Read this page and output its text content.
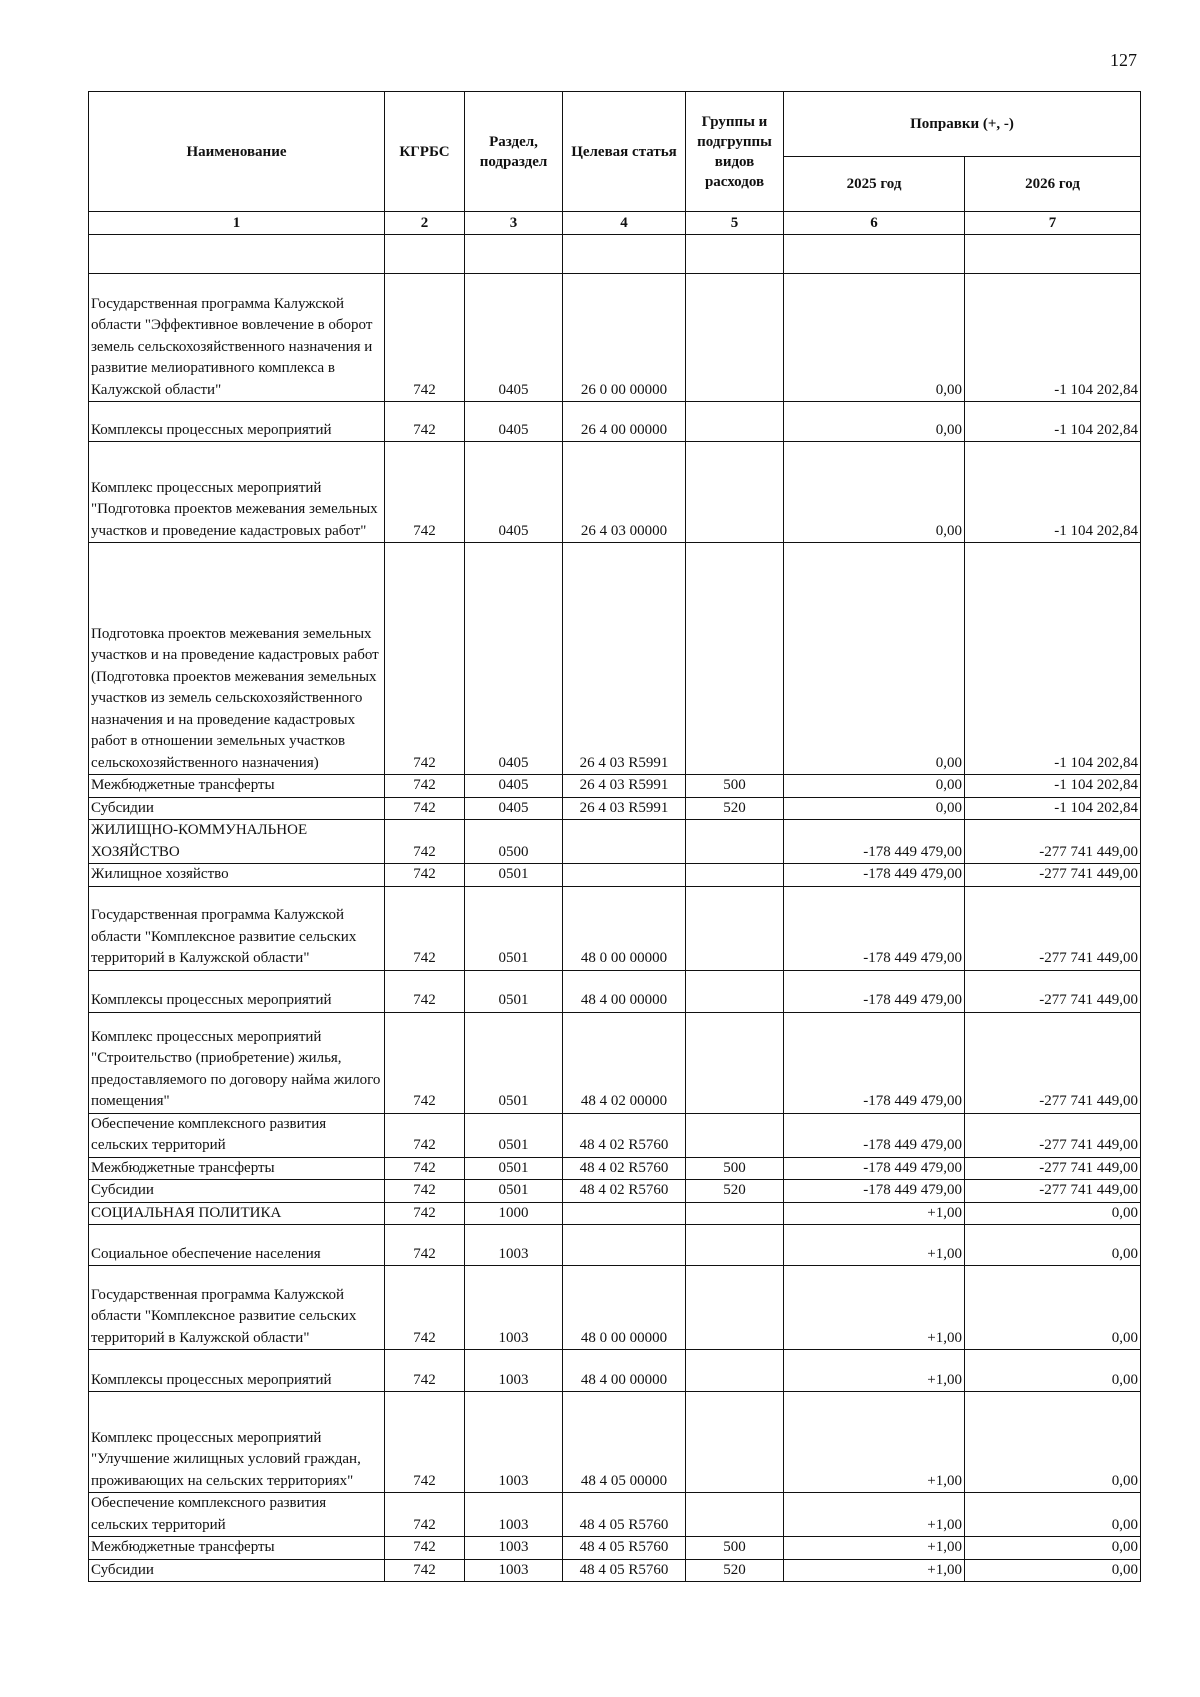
127
Наименование	КГРБС	Раздел, подраздел	Целевая статья	Группы и подгруппы видов расходов	Поправки (+, -)	
					2025 год	2026 год
1	2	3	4	5	6	7

Государственная программа Калужской области "Эффективное вовлечение в оборот земель сельскохозяйственного назначения и развитие мелиоративного комплекса в Калужской области"	742	0405	26 0 00 00000		0,00	-1 104 202,84
Комплексы процессных мероприятий	742	0405	26 4 00 00000		0,00	-1 104 202,84
Комплекс процессных мероприятий "Подготовка проектов межевания земельных участков и проведение кадастровых работ"	742	0405	26 4 03 00000		0,00	-1 104 202,84
Подготовка проектов межевания земельных участков и на проведение кадастровых работ (Подготовка проектов межевания земельных участков из земель сельскохозяйственного назначения и на проведение кадастровых работ в отношении земельных участков сельскохозяйственного назначения)	742	0405	26 4 03 R5991		0,00	-1 104 202,84
Межбюджетные трансферты	742	0405	26 4 03 R5991	500	0,00	-1 104 202,84
Субсидии	742	0405	26 4 03 R5991	520	0,00	-1 104 202,84
ЖИЛИЩНО-КОММУНАЛЬНОЕ ХОЗЯЙСТВО	742	0500			-178 449 479,00	-277 741 449,00
Жилищное хозяйство	742	0501			-178 449 479,00	-277 741 449,00
Государственная программа Калужской области "Комплексное развитие сельских территорий в Калужской области"	742	0501	48 0 00 00000		-178 449 479,00	-277 741 449,00
Комплексы процессных мероприятий	742	0501	48 4 00 00000		-178 449 479,00	-277 741 449,00
Комплекс процессных мероприятий "Строительство (приобретение) жилья, предоставляемого по договору найма жилого помещения"	742	0501	48 4 02 00000		-178 449 479,00	-277 741 449,00
Обеспечение комплексного развития сельских территорий	742	0501	48 4 02 R5760		-178 449 479,00	-277 741 449,00
Межбюджетные трансферты	742	0501	48 4 02 R5760	500	-178 449 479,00	-277 741 449,00
Субсидии	742	0501	48 4 02 R5760	520	-178 449 479,00	-277 741 449,00
СОЦИАЛЬНАЯ ПОЛИТИКА	742	1000			+1,00	0,00
Социальное обеспечение населения	742	1003			+1,00	0,00
Государственная программа Калужской области "Комплексное развитие сельских территорий в Калужской области"	742	1003	48 0 00 00000		+1,00	0,00
Комплексы процессных мероприятий	742	1003	48 4 00 00000		+1,00	0,00
Комплекс процессных мероприятий "Улучшение жилищных условий граждан, проживающих на сельских территориях"	742	1003	48 4 05 00000		+1,00	0,00
Обеспечение комплексного развития сельских территорий	742	1003	48 4 05 R5760		+1,00	0,00
Межбюджетные трансферты	742	1003	48 4 05 R5760	500	+1,00	0,00
Субсидии	742	1003	48 4 05 R5760	520	+1,00	0,00
